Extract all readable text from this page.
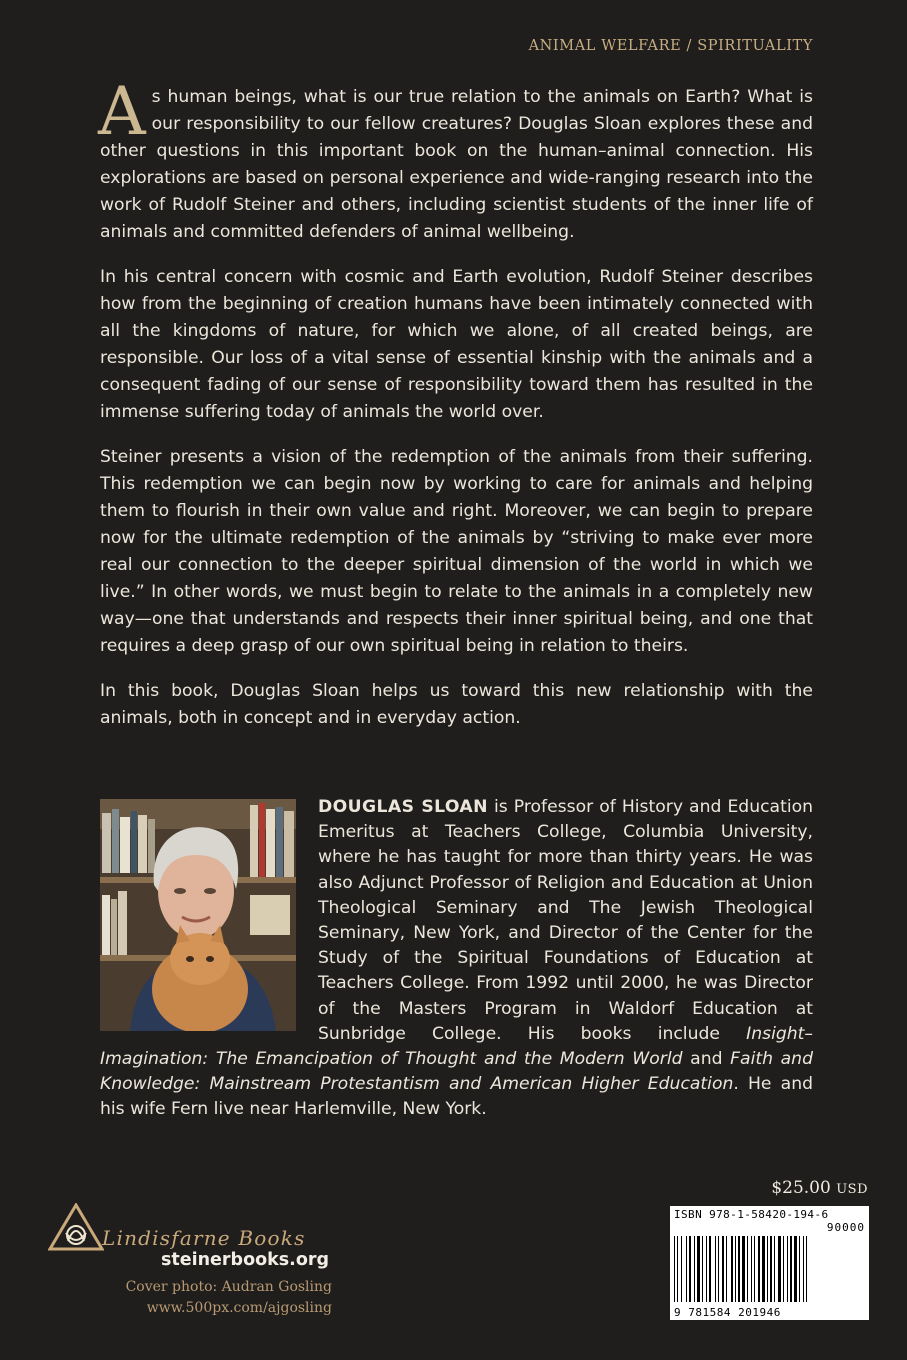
ANIMAL WELFARE / SPIRITUALITY

As human beings, what is our true relation to the animals on Earth? What is our responsibility to our fellow creatures? Douglas Sloan explores these and other questions in this important book on the human–animal connection. His explorations are based on personal experience and wide-ranging research into the work of Rudolf Steiner and others, including scientist students of the inner life of animals and committed defenders of animal wellbeing.

In his central concern with cosmic and Earth evolution, Rudolf Steiner describes how from the beginning of creation humans have been intimately connected with all the kingdoms of nature, for which we alone, of all created beings, are responsible. Our loss of a vital sense of essential kinship with the animals and a consequent fading of our sense of responsibility toward them has resulted in the immense suffering today of animals the world over.

Steiner presents a vision of the redemption of the animals from their suffering. This redemption we can begin now by working to care for animals and helping them to flourish in their own value and right. Moreover, we can begin to prepare now for the ultimate redemption of the animals by “striving to make ever more real our connection to the deeper spiritual dimension of the world in which we live.” In other words, we must begin to relate to the animals in a completely new way—one that understands and respects their inner spiritual being, and one that requires a deep grasp of our own spiritual being in relation to theirs.

In this book, Douglas Sloan helps us toward this new relationship with the animals, both in concept and in everyday action.

DOUGLAS SLOAN is Professor of History and Education Emeritus at Teachers College, Columbia University, where he has taught for more than thirty years. He was also Adjunct Professor of Religion and Education at Union Theological Seminary and The Jewish Theological Seminary, New York, and Director of the Center for the Study of the Spiritual Foundations of Education at Teachers College. From 1992 until 2000, he was Director of the Masters Program in Waldorf Education at Sunbridge College. His books include Insight–Imagination: The Emancipation of Thought and the Modern World and Faith and Knowledge: Mainstream Protestantism and American Higher Education. He and his wife Fern live near Harlemville, New York.
$25.00 USD
ISBN 978-1-58420-194-6
90000
9 781584 201946
Lindisfarne Books
steinerbooks.org
Cover photo: Audran Gosling
www.500px.com/ajgosling
